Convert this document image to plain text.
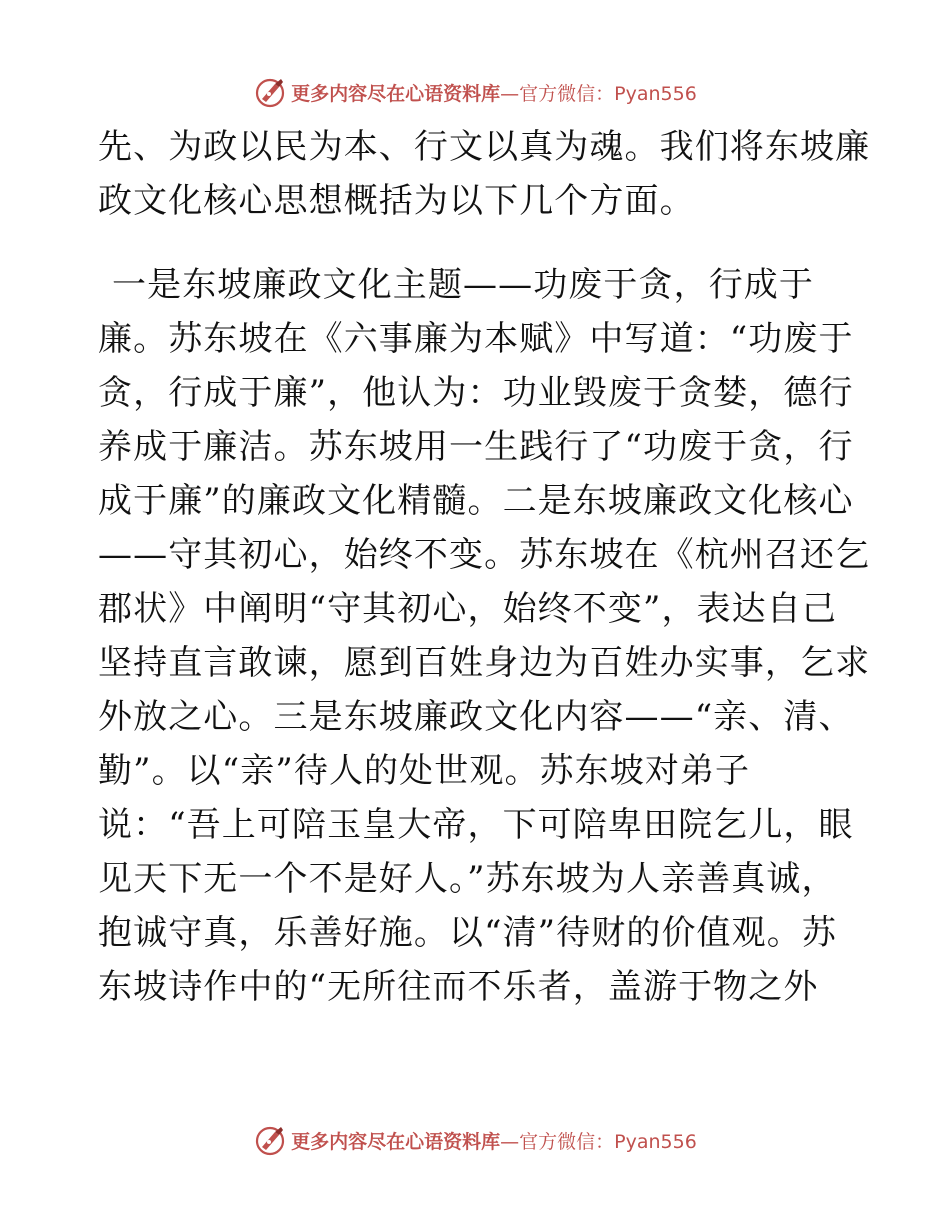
更多内容尽在心语资料库 —官方微信：Pyan556
先、为政以民为本、行文以真为魂。我们将东坡廉
政文化核心思想概括为以下几个方面。
一是东坡廉政文化主题——功废于贪，行成于
廉。苏东坡在《六事廉为本赋》中写道：“功废于
贪，行成于廉”，他认为：功业毁废于贪婪，德行
养成于廉洁。苏东坡用一生践行了“功废于贪，行
成于廉”的廉政文化精髓。二是东坡廉政文化核心
——守其初心，始终不变。苏东坡在《杭州召还乞
郡状》中阐明“守其初心，始终不变”，表达自己
坚持直言敢谏，愿到百姓身边为百姓办实事，乞求
外放之心。三是东坡廉政文化内容——“亲、清、
勤”。以“亲”待人的处世观。苏东坡对弟子
说：“吾上可陪玉皇大帝，下可陪卑田院乞儿，眼
见天下无一个不是好人。”苏东坡为人亲善真诚，
抱诚守真，乐善好施。以“清”待财的价值观。苏
东坡诗作中的“无所往而不乐者，盖游于物之外
更多内容尽在心语资料库 —官方微信：Pyan556
